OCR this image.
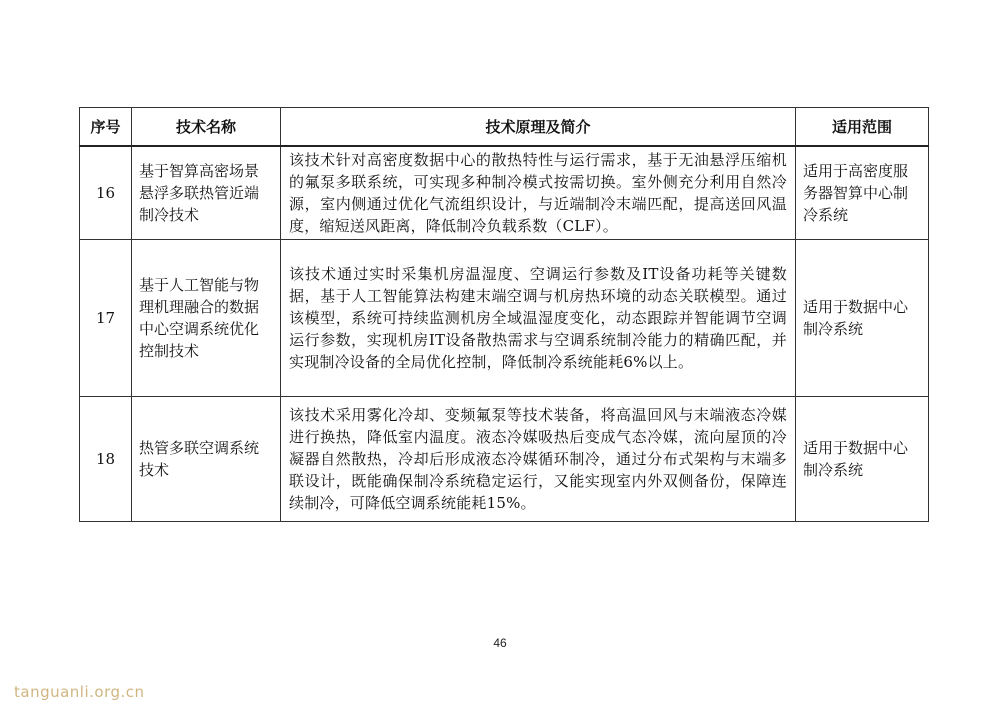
序号	技术名称	技术原理及简介	适用范围
16	基于智算高密场景悬浮多联热管近端制冷技术	该技术针对高密度数据中心的散热特性与运行需求，基于无油悬浮压缩机的氟泵多联系统，可实现多种制冷模式按需切换。室外侧充分利用自然冷源，室内侧通过优化气流组织设计，与近端制冷末端匹配，提高送回风温度，缩短送风距离，降低制冷负载系数（CLF）。	适用于高密度服务器智算中心制冷系统
17	基于人工智能与物理机理融合的数据中心空调系统优化控制技术	该技术通过实时采集机房温湿度、空调运行参数及IT设备功耗等关键数据，基于人工智能算法构建末端空调与机房热环境的动态关联模型。通过该模型，系统可持续监测机房全域温湿度变化，动态跟踪并智能调节空调运行参数，实现机房IT设备散热需求与空调系统制冷能力的精确匹配，并实现制冷设备的全局优化控制，降低制冷系统能耗6%以上。	适用于数据中心制冷系统
18	热管多联空调系统技术	该技术采用雾化冷却、变频氟泵等技术装备，将高温回风与末端液态冷媒进行换热，降低室内温度。液态冷媒吸热后变成气态冷媒，流向屋顶的冷凝器自然散热，冷却后形成液态冷媒循环制冷，通过分布式架构与末端多联设计，既能确保制冷系统稳定运行，又能实现室内外双侧备份，保障连续制冷，可降低空调系统能耗15%。	适用于数据中心制冷系统
46
tanguanli.org.cn
